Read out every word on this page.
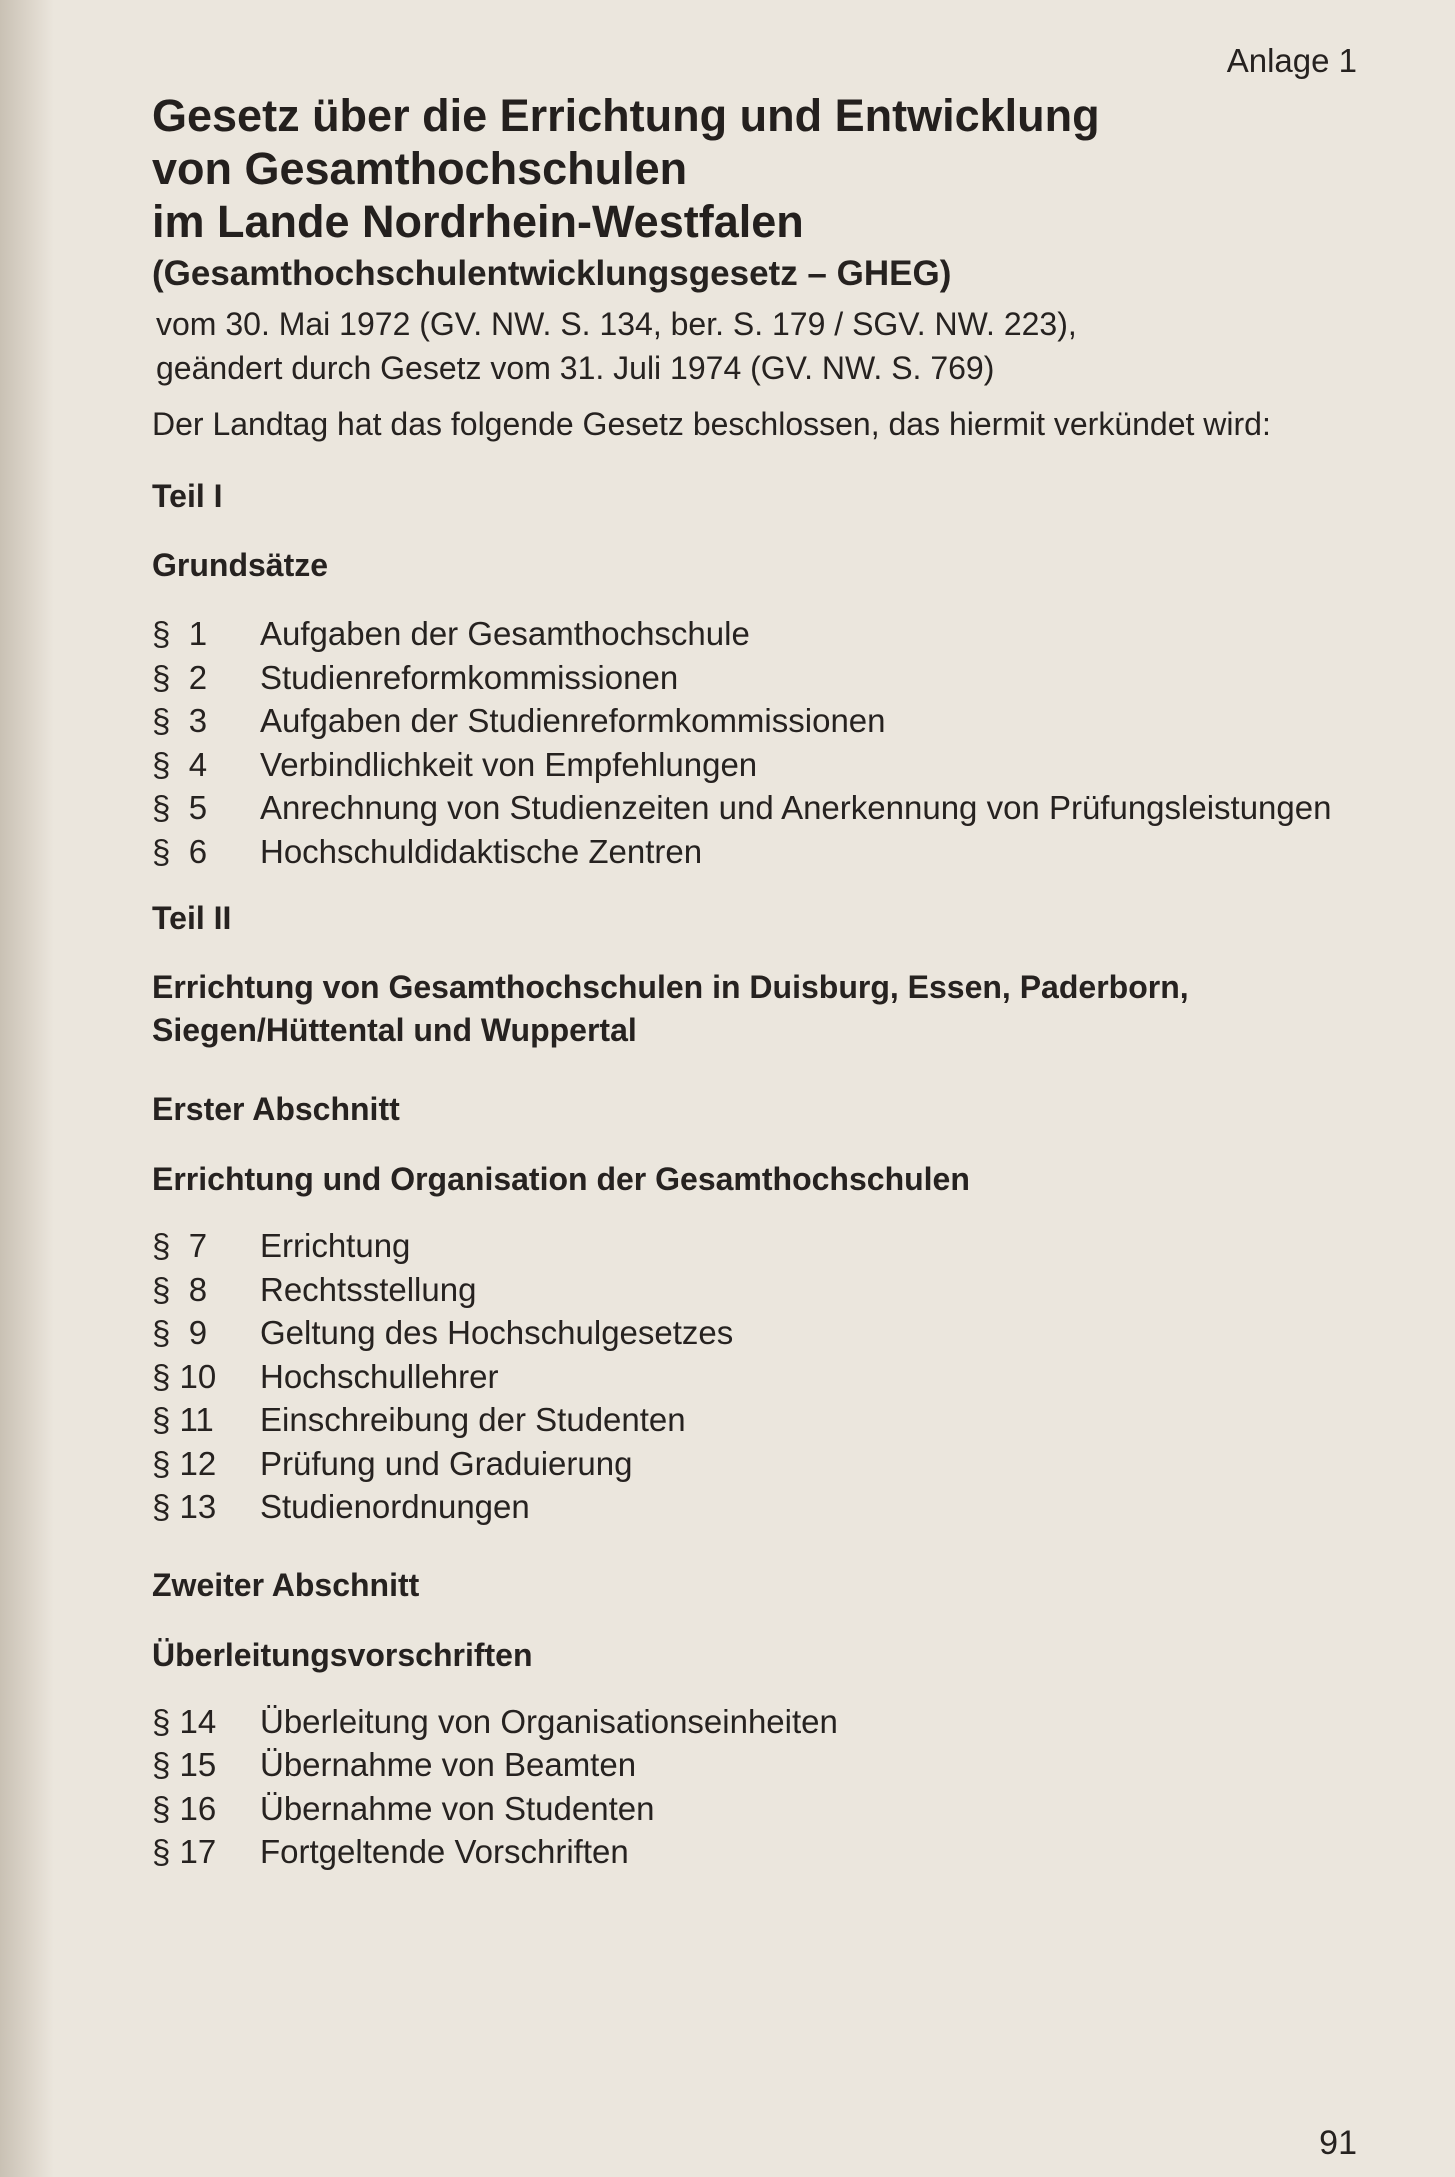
Anlage 1

Gesetz über die Errichtung und Entwicklung
von Gesamthochschulen
im Lande Nordrhein-Westfalen

(Gesamthochschulentwicklungsgesetz – GHEG)

vom 30. Mai 1972 (GV. NW. S. 134, ber. S. 179 / SGV. NW. 223),
geändert durch Gesetz vom 31. Juli 1974 (GV. NW. S. 769)

Der Landtag hat das folgende Gesetz beschlossen, das hiermit verkündet wird:

Teil I

Grundsätze

§  1	Aufgaben der Gesamthochschule
§  2	Studienreformkommissionen
§  3	Aufgaben der Studienreformkommissionen
§  4	Verbindlichkeit von Empfehlungen
§  5	Anrechnung von Studienzeiten und Anerkennung von Prüfungsleistungen
§  6	Hochschuldidaktische Zentren

Teil II

Errichtung von Gesamthochschulen in Duisburg, Essen, Paderborn,
Siegen/Hüttental und Wuppertal

Erster Abschnitt

Errichtung und Organisation der Gesamthochschulen

§  7	Errichtung
§  8	Rechtsstellung
§  9	Geltung des Hochschulgesetzes
§ 10	Hochschullehrer
§ 11	Einschreibung der Studenten
§ 12	Prüfung und Graduierung
§ 13	Studienordnungen

Zweiter Abschnitt

Überleitungsvorschriften

§ 14	Überleitung von Organisationseinheiten
§ 15	Übernahme von Beamten
§ 16	Übernahme von Studenten
§ 17	Fortgeltende Vorschriften
91
